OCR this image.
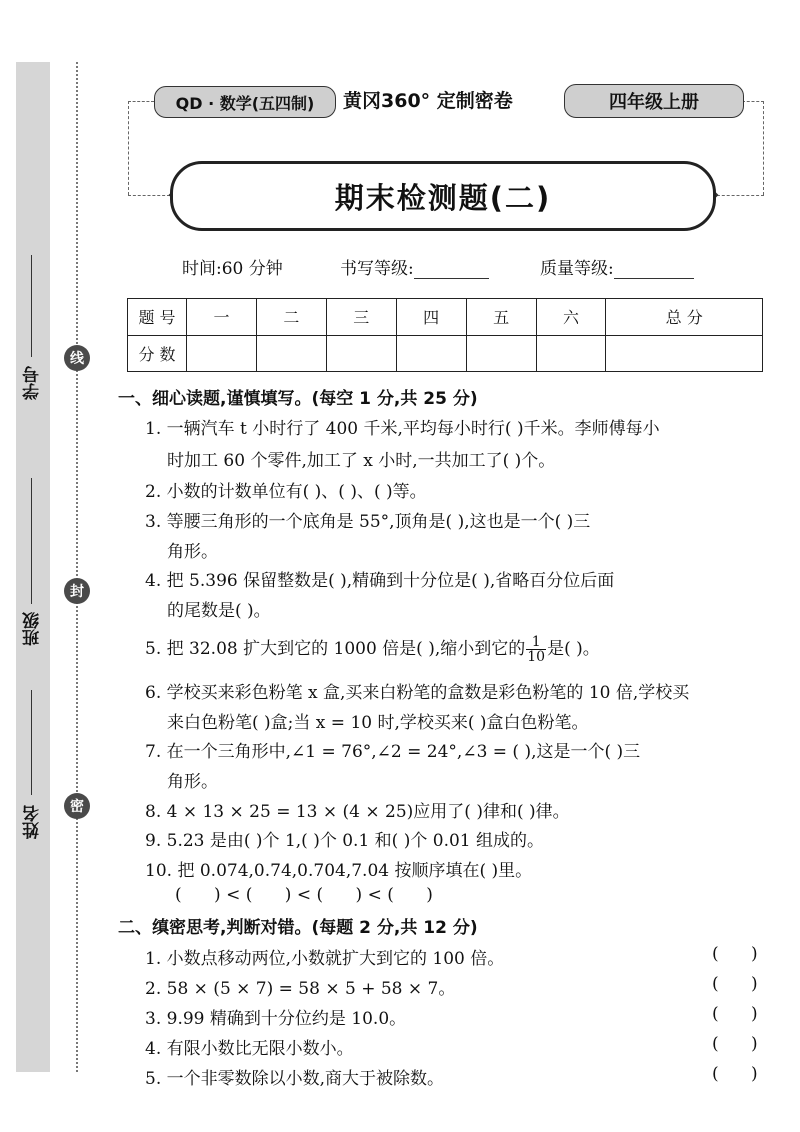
学号
班级
姓名
线
封
密
QD · 数学(五四制)	黄冈360° 定制密卷	四年级上册
期末检测题(二)
时间:60 分钟	书写等级:	质量等级:
题 号	一	二	三	四	五	六	总 分
分 数							
一、细心读题,谨慎填写。(每空 1 分,共 25 分)
1. 一辆汽车 t 小时行了 400 千米,平均每小时行( )千米。李师傅每小
时加工 60 个零件,加工了 x 小时,一共加工了( )个。
2. 小数的计数单位有( )、( )、( )等。
3. 等腰三角形的一个底角是 55°,顶角是( ),这也是一个( )三
角形。
4. 把 5.396 保留整数是( ),精确到十分位是( ),省略百分位后面
的尾数是( )。
5. 把 32.08 扩大到它的 1000 倍是( ),缩小到它的 $\frac{1}{10}$ 是( )。
6. 学校买来彩色粉笔 x 盒,买来白粉笔的盒数是彩色粉笔的 10 倍,学校买
来白色粉笔( )盒;当 x = 10 时,学校买来( )盒白色粉笔。
7. 在一个三角形中,∠1 = 76°,∠2 = 24°,∠3 = ( ),这是一个( )三
角形。
8. 4 × 13 × 25 = 13 × (4 × 25)应用了( )律和( )律。
9. 5.23 是由( )个 1,( )个 0.1 和( )个 0.01 组成的。
10. 把 0.074,0.74,0.704,7.04 按顺序填在( )里。
(      ) < (      ) < (      ) < (      )
二、缜密思考,判断对错。(每题 2 分,共 12 分)
1. 小数点移动两位,小数就扩大到它的 100 倍。	(      )
2. 58 × (5 × 7) = 58 × 5 + 58 × 7。	(      )
3. 9.99 精确到十分位约是 10.0。	(      )
4. 有限小数比无限小数小。	(      )
5. 一个非零数除以小数,商大于被除数。	(      )
